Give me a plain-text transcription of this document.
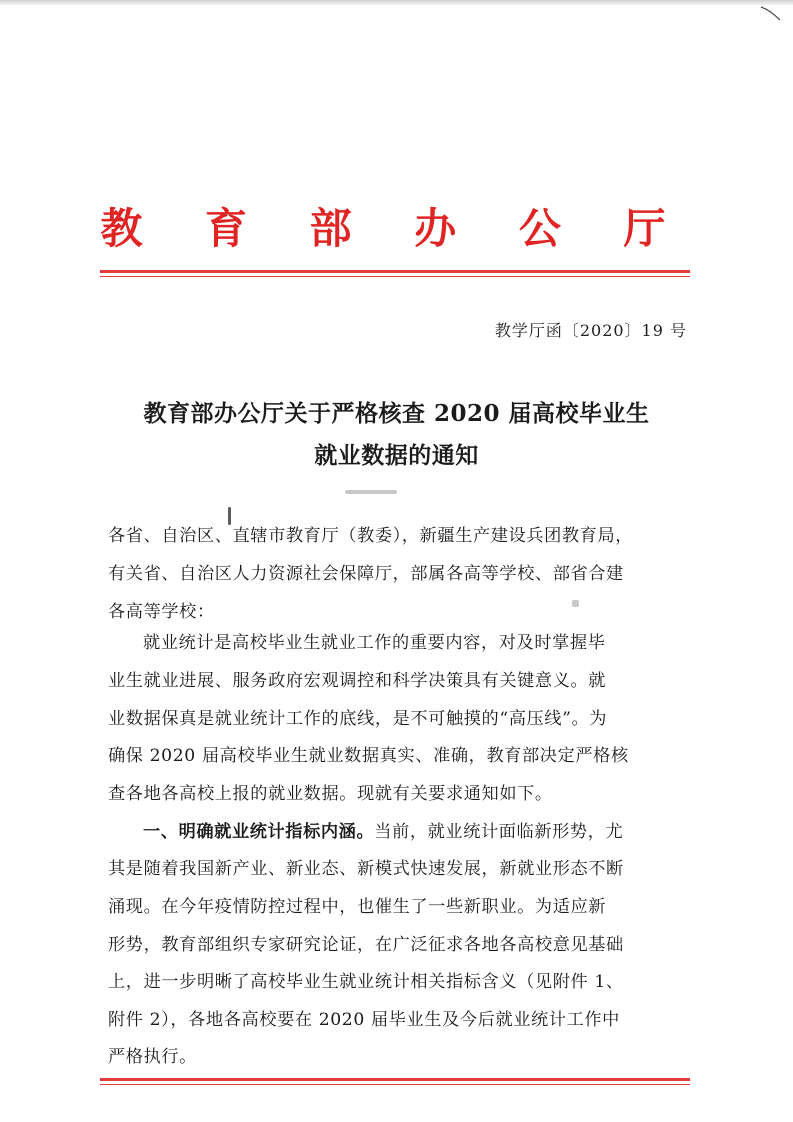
教 育 部 办 公 厅
教学厅函〔2020〕19 号
教育部办公厅关于严格核查 2020 届高校毕业生
就业数据的通知
各省、自治区、直辖市教育厅（教委），新疆生产建设兵团教育局，
有关省、自治区人力资源社会保障厅，部属各高等学校、部省合建
各高等学校：
就业统计是高校毕业生就业工作的重要内容，对及时掌握毕
业生就业进展、服务政府宏观调控和科学决策具有关键意义。就
业数据保真是就业统计工作的底线，是不可触摸的“高压线”。为
确保 2020 届高校毕业生就业数据真实、准确，教育部决定严格核
查各地各高校上报的就业数据。现就有关要求通知如下。
一、明确就业统计指标内涵。当前，就业统计面临新形势，尤
其是随着我国新产业、新业态、新模式快速发展，新就业形态不断
涌现。在今年疫情防控过程中，也催生了一些新职业。为适应新
形势，教育部组织专家研究论证，在广泛征求各地各高校意见基础
上，进一步明晰了高校毕业生就业统计相关指标含义（见附件 1、
附件 2），各地各高校要在 2020 届毕业生及今后就业统计工作中
严格执行。
